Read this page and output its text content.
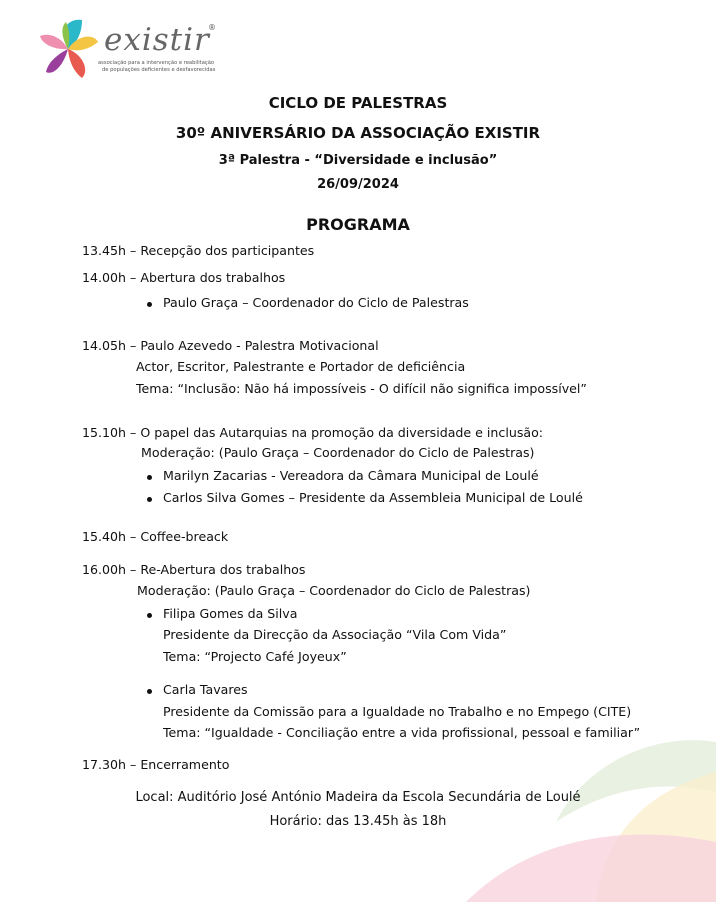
existir
®
associação para a intervenção e reabilitação
de populações deficientes e desfavorecidas
CICLO DE PALESTRAS
30º ANIVERSÁRIO DA ASSOCIAÇÃO EXISTIR
3ª Palestra - “Diversidade e inclusão”
26/09/2024
PROGRAMA
13.45h – Recepção dos participantes
14.00h – Abertura dos trabalhos
Paulo Graça – Coordenador do Ciclo de Palestras
14.05h – Paulo Azevedo - Palestra Motivacional
Actor, Escritor, Palestrante e Portador de deficiência
Tema: “Inclusão: Não há impossíveis - O difícil não significa impossível”
15.10h – O papel das Autarquias na promoção da diversidade e inclusão:
Moderação: (Paulo Graça – Coordenador do Ciclo de Palestras)
Marilyn Zacarias - Vereadora da Câmara Municipal de Loulé
Carlos Silva Gomes – Presidente da Assembleia Municipal de Loulé
15.40h – Coffee-breack
16.00h – Re-Abertura dos trabalhos
Moderação: (Paulo Graça – Coordenador do Ciclo de Palestras)
Filipa Gomes da Silva
Presidente da Direcção da Associação “Vila Com Vida”
Tema: “Projecto Café Joyeux”
Carla Tavares
Presidente da Comissão para a Igualdade no Trabalho e no Empego (CITE)
Tema: “Igualdade - Conciliação entre a vida profissional, pessoal e familiar”
17.30h – Encerramento
Local: Auditório José António Madeira da Escola Secundária de Loulé
Horário: das 13.45h às 18h
